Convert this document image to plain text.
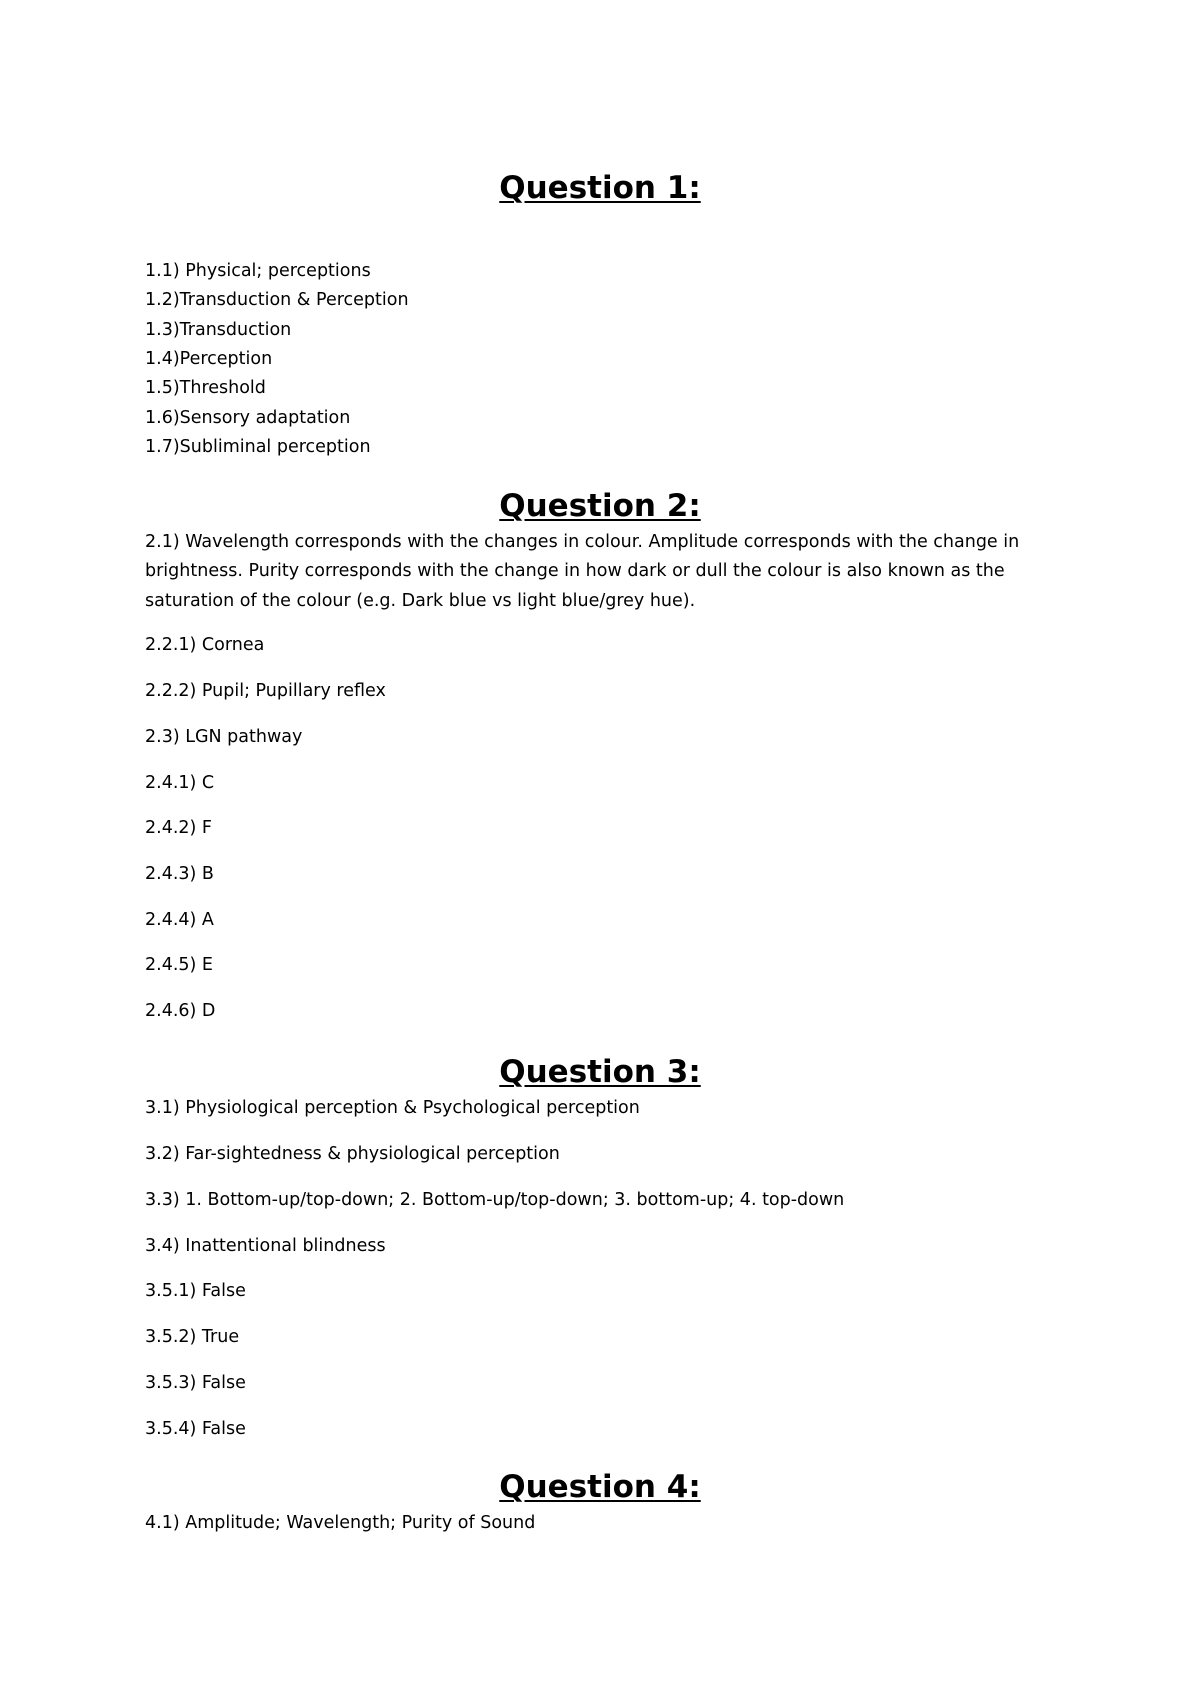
Question 1:

1.1) Physical; perceptions

1.2)Transduction & Perception

1.3)Transduction

1.4)Perception

1.5)Threshold

1.6)Sensory adaptation

1.7)Subliminal perception

Question 2:

2.1) Wavelength corresponds with the changes in colour. Amplitude corresponds with the change in brightness. Purity corresponds with the change in how dark or dull the colour is also known as the saturation of the colour (e.g. Dark blue vs light blue/grey hue).

2.2.1) Cornea

2.2.2) Pupil; Pupillary reflex

2.3) LGN pathway

2.4.1) C

2.4.2) F

2.4.3) B

2.4.4) A

2.4.5) E

2.4.6) D

Question 3:

3.1) Physiological perception & Psychological perception

3.2) Far-sightedness & physiological perception

3.3) 1. Bottom-up/top-down; 2. Bottom-up/top-down; 3. bottom-up; 4. top-down

3.4) Inattentional blindness

3.5.1) False

3.5.2) True

3.5.3) False

3.5.4) False

Question 4:

4.1) Amplitude; Wavelength; Purity of Sound
